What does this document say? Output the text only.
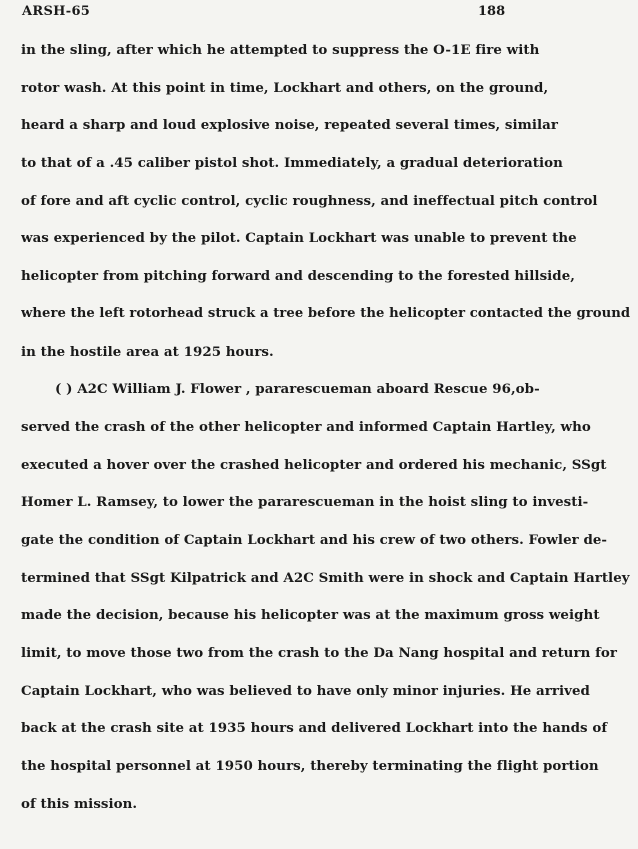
ARSH-65	188
in the sling, after which he attempted to suppress the O-1E fire with
rotor wash. At this point in time, Lockhart and others, on the ground,
heard a sharp and loud explosive noise, repeated several times, similar
to that of a .45 caliber pistol shot. Immediately, a gradual deterioration
of fore and aft cyclic control, cyclic roughness, and ineffectual pitch control
was experienced by the pilot. Captain Lockhart was unable to prevent the
helicopter from pitching forward and descending to the forested hillside,
where the left rotorhead struck a tree before the helicopter contacted the ground
in the hostile area at 1925 hours.
( ) A2C William J. Flower , pararescueman aboard Rescue 96,ob-
served the crash of the other helicopter and informed Captain Hartley, who
executed a hover over the crashed helicopter and ordered his mechanic, SSgt
Homer L. Ramsey, to lower the pararescueman in the hoist sling to investi-
gate the condition of Captain Lockhart and his crew of two others. Fowler de-
termined that SSgt Kilpatrick and A2C Smith were in shock and Captain Hartley
made the decision, because his helicopter was at the maximum gross weight
limit, to move those two from the crash to the Da Nang hospital and return for
Captain Lockhart, who was believed to have only minor injuries. He arrived
back at the crash site at 1935 hours and delivered Lockhart into the hands of
the hospital personnel at 1950 hours, thereby terminating the flight portion
of this mission.
